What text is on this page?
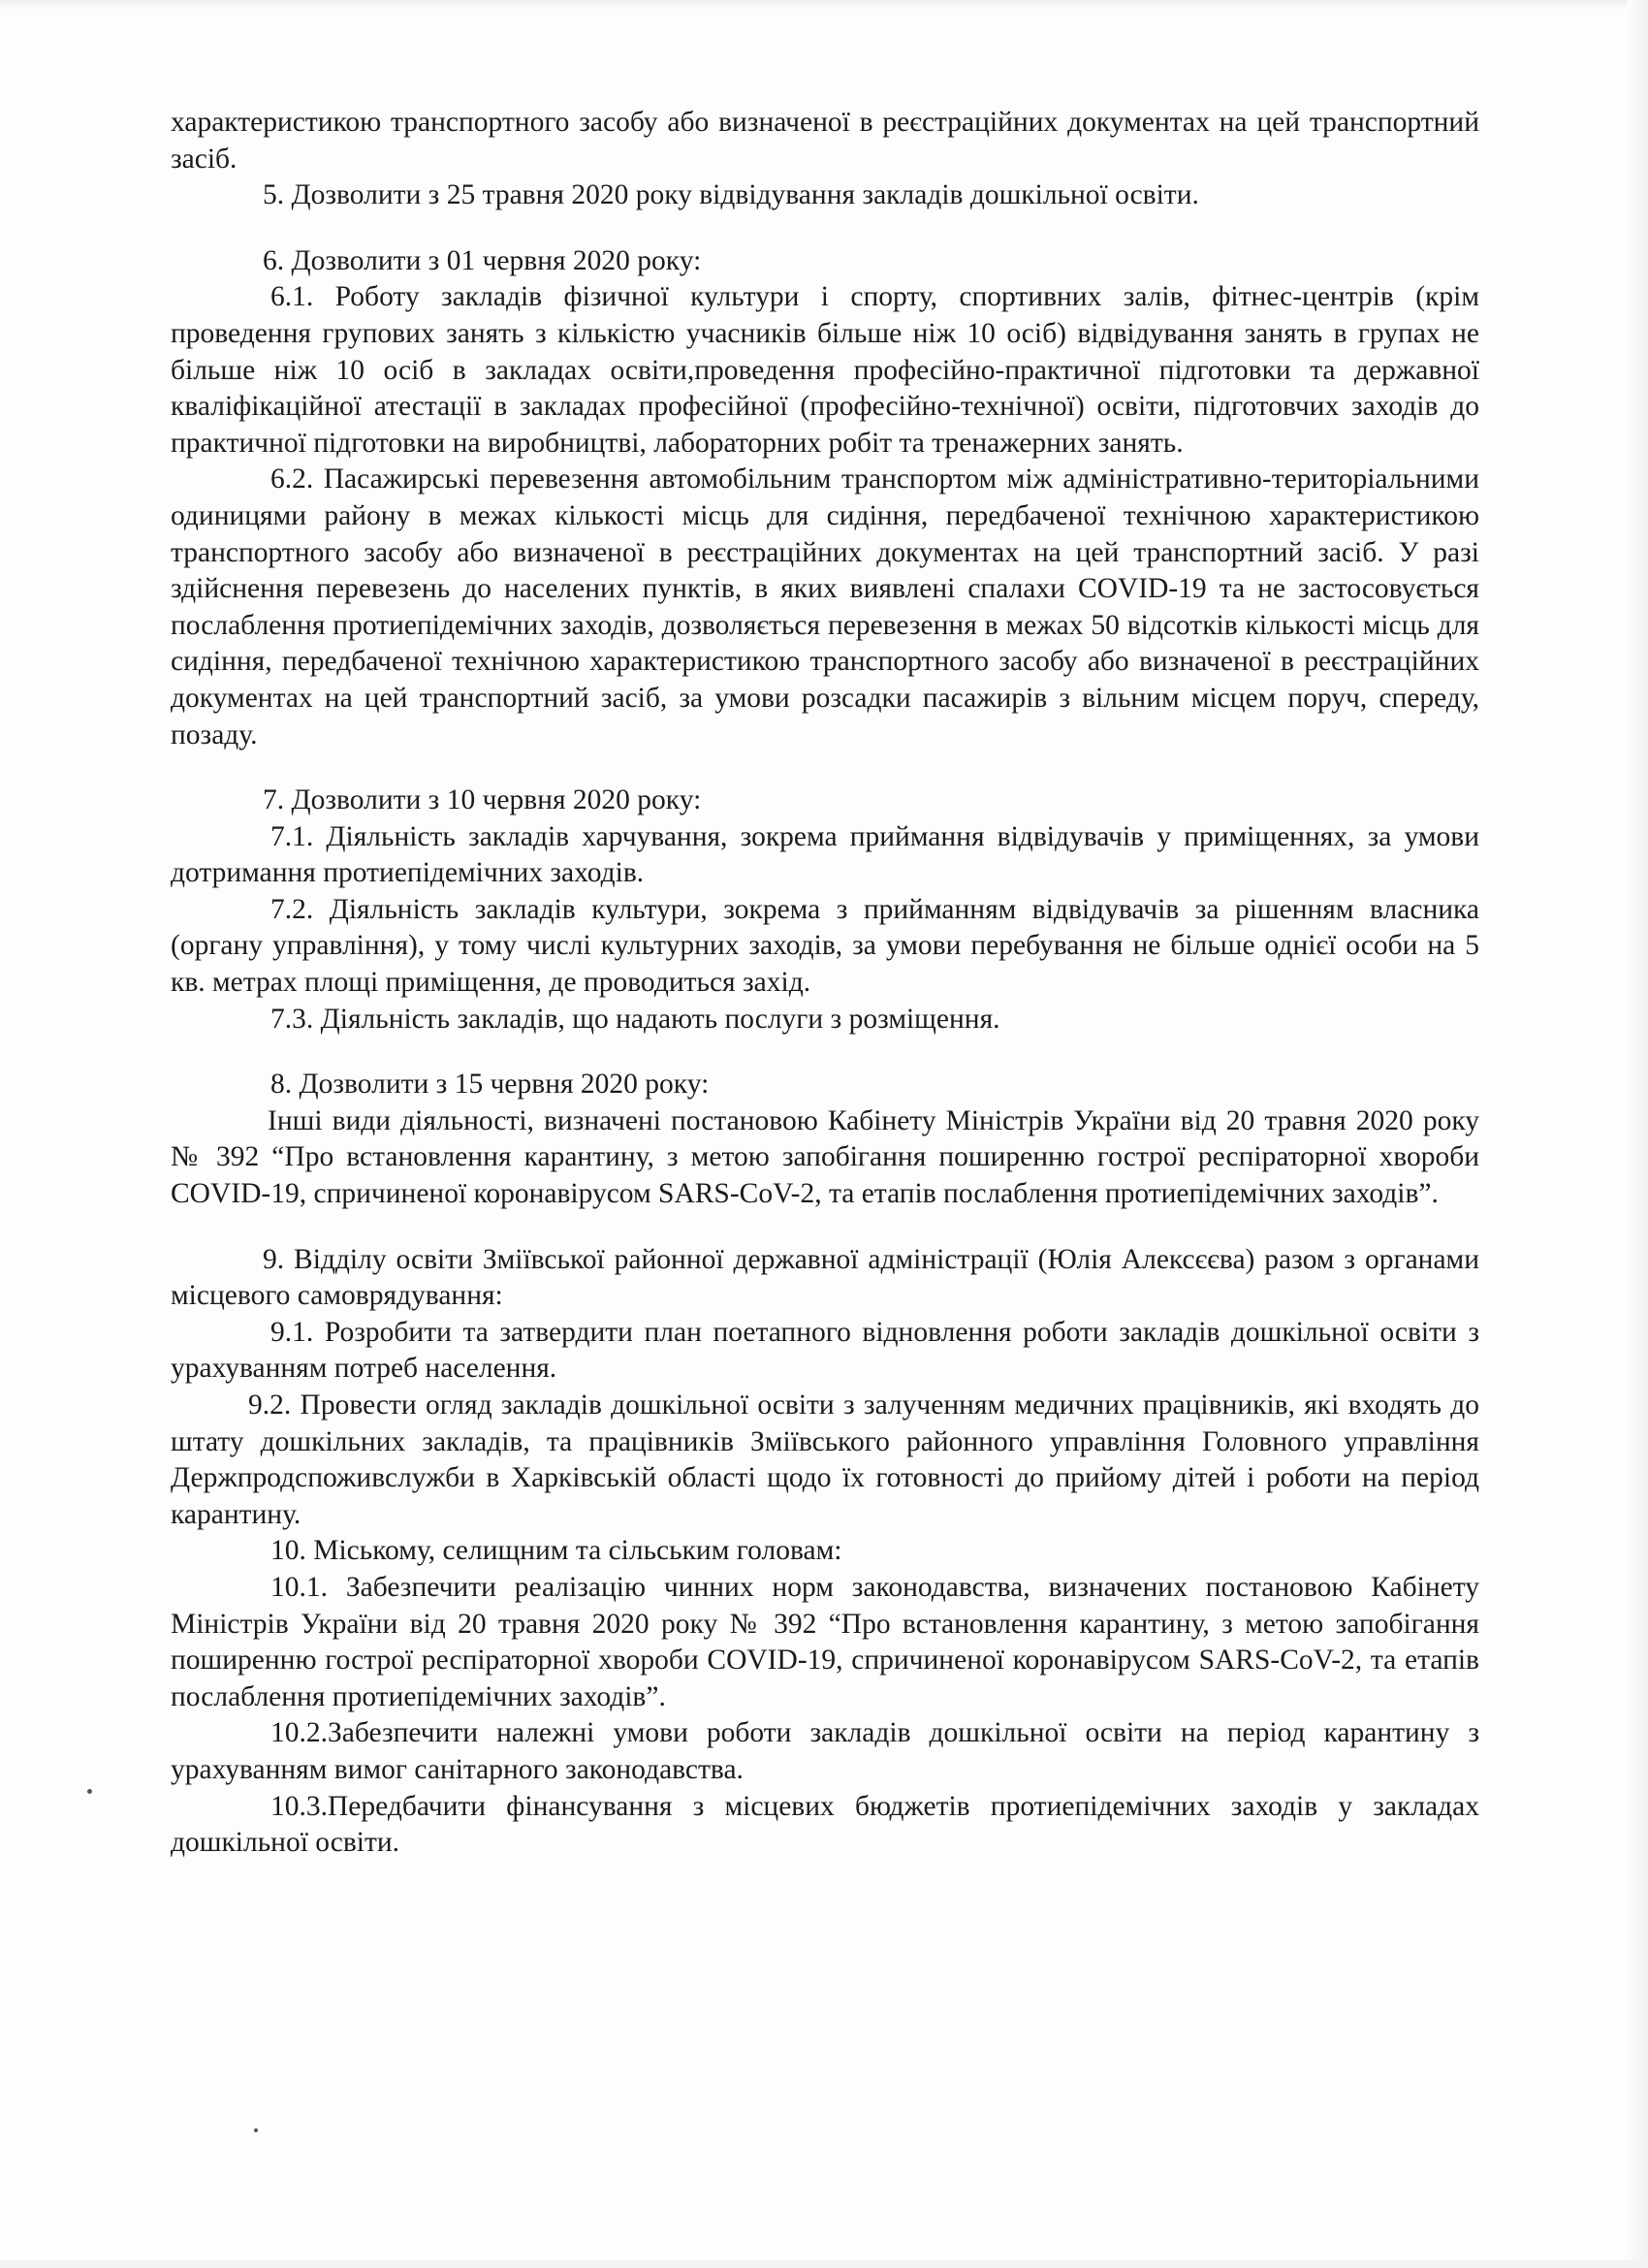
характеристикою транспортного засобу або визначеної в реєстраційних документах на цей транспортний засіб.

5. Дозволити з 25 травня 2020 року відвідування закладів дошкільної освіти.

6. Дозволити з 01 червня 2020 року:

6.1. Роботу закладів фізичної культури і спорту, спортивних залів, фітнес-центрів (крім проведення групових занять з кількістю учасників більше ніж 10 осіб) відвідування занять в групах не більше ніж 10 осіб в закладах освіти,проведення професійно-практичної підготовки та державної кваліфікаційної атестації в закладах професійної (професійно-технічної) освіти, підготовчих заходів до практичної підготовки на виробництві, лабораторних робіт та тренажерних занять.

6.2. Пасажирські перевезення автомобільним транспортом між адміністративно-територіальними одиницями району в межах кількості місць для сидіння, передбаченої технічною характеристикою транспортного засобу або визначеної в реєстраційних документах на цей транспортний засіб. У разі здійснення перевезень до населених пунктів, в яких виявлені спалахи COVID-19 та не застосовується послаблення протиепідемічних заходів, дозволяється перевезення в межах 50 відсотків кількості місць для сидіння, передбаченої технічною характеристикою транспортного засобу або визначеної в реєстраційних документах на цей транспортний засіб, за умови розсадки пасажирів з вільним місцем поруч, спереду, позаду.

7. Дозволити з 10 червня 2020 року:

7.1. Діяльність закладів харчування, зокрема приймання відвідувачів у приміщеннях, за умови дотримання протиепідемічних заходів.

7.2. Діяльність закладів культури, зокрема з прийманням відвідувачів за рішенням власника (органу управління), у тому числі культурних заходів, за умови перебування не більше однієї особи на 5 кв. метрах площі приміщення, де проводиться захід.

7.3. Діяльність закладів, що надають послуги з розміщення.

8. Дозволити з 15 червня 2020 року:

Інші види діяльності, визначені постановою Кабінету Міністрів України від 20 травня 2020 року № 392 “Про встановлення карантину, з метою запобігання поширенню гострої респіраторної хвороби COVID-19, спричиненої коронавірусом SARS-CoV-2, та етапів послаблення протиепідемічних заходів”.

9. Відділу освіти Зміївської районної державної адміністрації (Юлія Алексєєва) разом з органами місцевого самоврядування:

9.1. Розробити та затвердити план поетапного відновлення роботи закладів дошкільної освіти з урахуванням потреб населення.

9.2. Провести огляд закладів дошкільної освіти з залученням медичних працівників, які входять до штату дошкільних закладів, та працівників Зміївського районного управління Головного управління Держпродспоживслужби в Харківській області щодо їх готовності до прийому дітей і роботи на період карантину.

10. Міському, селищним та сільським головам:

10.1. Забезпечити реалізацію чинних норм законодавства, визначених постановою Кабінету Міністрів України від 20 травня 2020 року № 392 “Про встановлення карантину, з метою запобігання поширенню гострої респіраторної хвороби COVID-19, спричиненої коронавірусом SARS-CoV-2, та етапів послаблення протиепідемічних заходів”.

10.2.Забезпечити належні умови роботи закладів дошкільної освіти на період карантину з урахуванням вимог санітарного законодавства.

10.3.Передбачити фінансування з місцевих бюджетів протиепідемічних заходів у закладах дошкільної освіти.
